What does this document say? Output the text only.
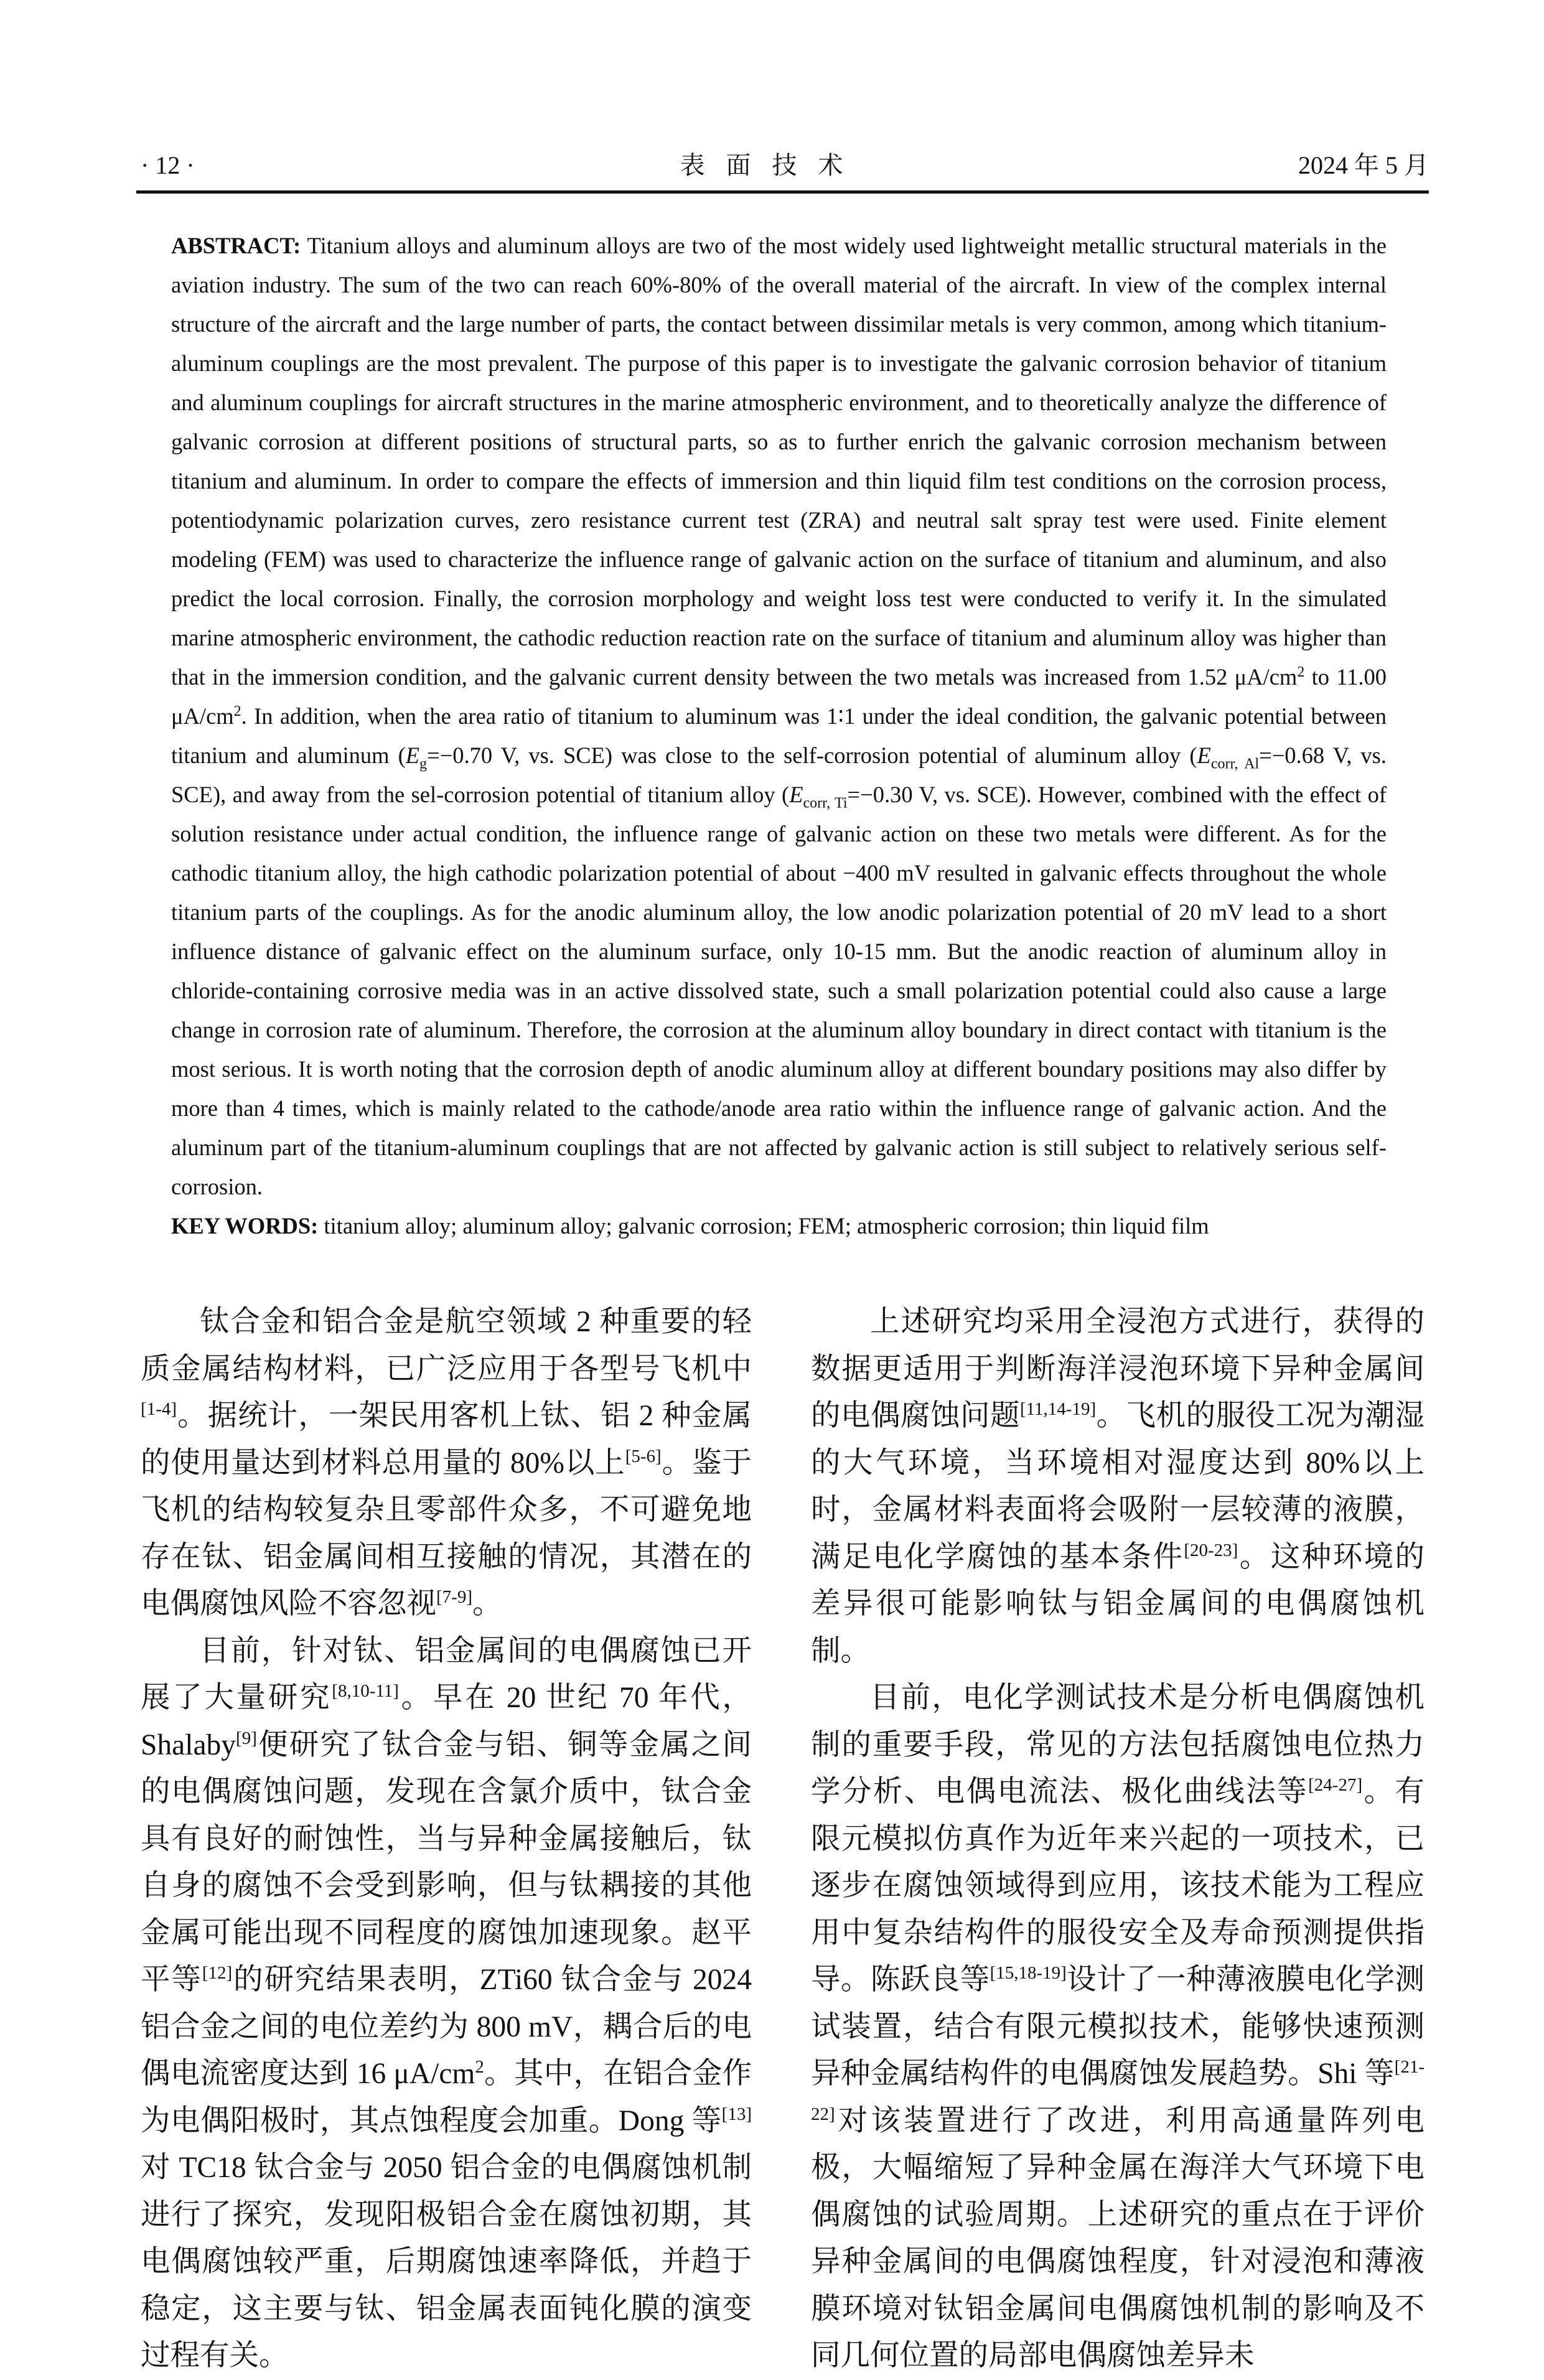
· 12 ·	表面技术	2024 年 5 月
ABSTRACT: Titanium alloys and aluminum alloys are two of the most widely used lightweight metallic structural materials in the aviation industry. The sum of the two can reach 60%-80% of the overall material of the aircraft. In view of the complex internal structure of the aircraft and the large number of parts, the contact between dissimilar metals is very common, among which titanium-aluminum couplings are the most prevalent. The purpose of this paper is to investigate the galvanic corrosion behavior of titanium and aluminum couplings for aircraft structures in the marine atmospheric environment, and to theoretically analyze the difference of galvanic corrosion at different positions of structural parts, so as to further enrich the galvanic corrosion mechanism between titanium and aluminum. In order to compare the effects of immersion and thin liquid film test conditions on the corrosion process, potentiodynamic polarization curves, zero resistance current test (ZRA) and neutral salt spray test were used. Finite element modeling (FEM) was used to characterize the influence range of galvanic action on the surface of titanium and aluminum, and also predict the local corrosion. Finally, the corrosion morphology and weight loss test were conducted to verify it. In the simulated marine atmospheric environment, the cathodic reduction reaction rate on the surface of titanium and aluminum alloy was higher than that in the immersion condition, and the galvanic current density between the two metals was increased from 1.52 $\mu A/cm^2$ to 11.00 $\mu A/cm^2$. In addition, when the area ratio of titanium to aluminum was 1∶1 under the ideal condition, the galvanic potential between titanium and aluminum ($E_g=-0.70$ V, vs. SCE) was close to the self-corrosion potential of aluminum alloy ($E_{corr, Al}=-0.68$ V, vs. SCE), and away from the sel-corrosion potential of titanium alloy ($E_{corr, Ti}=-0.30$ V, vs. SCE). However, combined with the effect of solution resistance under actual condition, the influence range of galvanic action on these two metals were different. As for the cathodic titanium alloy, the high cathodic polarization potential of about −400 mV resulted in galvanic effects throughout the whole titanium parts of the couplings. As for the anodic aluminum alloy, the low anodic polarization potential of 20 mV lead to a short influence distance of galvanic effect on the aluminum surface, only 10-15 mm. But the anodic reaction of aluminum alloy in chloride-containing corrosive media was in an active dissolved state, such a small polarization potential could also cause a large change in corrosion rate of aluminum. Therefore, the corrosion at the aluminum alloy boundary in direct contact with titanium is the most serious. It is worth noting that the corrosion depth of anodic aluminum alloy at different boundary positions may also differ by more than 4 times, which is mainly related to the cathode/anode area ratio within the influence range of galvanic action. And the aluminum part of the titanium-aluminum couplings that are not affected by galvanic action is still subject to relatively serious self-corrosion.
KEY WORDS: titanium alloy; aluminum alloy; galvanic corrosion; FEM; atmospheric corrosion; thin liquid film

钛合金和铝合金是航空领域 2 种重要的轻质金属结构材料，已广泛应用于各型号飞机中[1-4]。据统计，一架民用客机上钛、铝 2 种金属的使用量达到材料总用量的 80%以上[5-6]。鉴于飞机的结构较复杂且零部件众多，不可避免地存在钛、铝金属间相互接触的情况，其潜在的电偶腐蚀风险不容忽视[7-9]。

目前，针对钛、铝金属间的电偶腐蚀已开展了大量研究[8,10-11]。早在 20 世纪 70 年代，Shalaby[9]便研究了钛合金与铝、铜等金属之间的电偶腐蚀问题，发现在含氯介质中，钛合金具有良好的耐蚀性，当与异种金属接触后，钛自身的腐蚀不会受到影响，但与钛耦接的其他金属可能出现不同程度的腐蚀加速现象。赵平平等[12]的研究结果表明，ZTi60 钛合金与 2024 铝合金之间的电位差约为 800 mV，耦合后的电偶电流密度达到 16 $\mu A/cm^2$。其中，在铝合金作为电偶阳极时，其点蚀程度会加重。Dong 等[13]对 TC18 钛合金与 2050 铝合金的电偶腐蚀机制进行了探究，发现阳极铝合金在腐蚀初期，其电偶腐蚀较严重，后期腐蚀速率降低，并趋于稳定，这主要与钛、铝金属表面钝化膜的演变过程有关。

上述研究均采用全浸泡方式进行，获得的数据更适用于判断海洋浸泡环境下异种金属间的电偶腐蚀问题[11,14-19]。飞机的服役工况为潮湿的大气环境，当环境相对湿度达到 80%以上时，金属材料表面将会吸附一层较薄的液膜，满足电化学腐蚀的基本条件[20-23]。这种环境的差异很可能影响钛与铝金属间的电偶腐蚀机制。

目前，电化学测试技术是分析电偶腐蚀机制的重要手段，常见的方法包括腐蚀电位热力学分析、电偶电流法、极化曲线法等[24-27]。有限元模拟仿真作为近年来兴起的一项技术，已逐步在腐蚀领域得到应用，该技术能为工程应用中复杂结构件的服役安全及寿命预测提供指导。陈跃良等[15,18-19]设计了一种薄液膜电化学测试装置，结合有限元模拟技术，能够快速预测异种金属结构件的电偶腐蚀发展趋势。Shi 等[21-22]对该装置进行了改进，利用高通量阵列电极，大幅缩短了异种金属在海洋大气环境下电偶腐蚀的试验周期。上述研究的重点在于评价异种金属间的电偶腐蚀程度，针对浸泡和薄液膜环境对钛铝金属间电偶腐蚀机制的影响及不同几何位置的局部电偶腐蚀差异未
